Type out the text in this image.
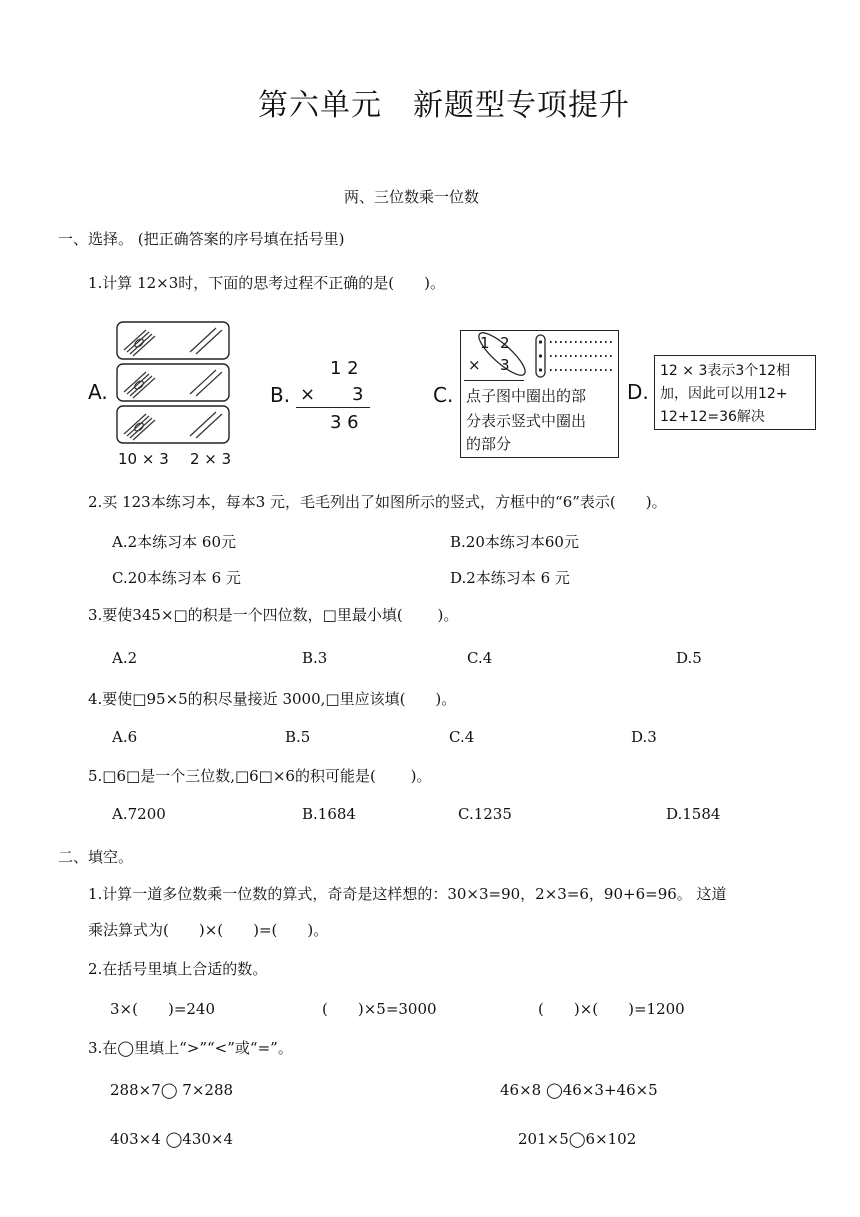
第六单元　新题型专项提升
两、三位数乘一位数
一、选择。 (把正确答案的序号填在括号里)
1.计算 12×3时，下面的思考过程不正确的是(　　)。
A.
10 × 3 2 × 3
B.
1 2
× 3
3 6
C.
1 2
× 3
点子图中圈出的部
分表示竖式中圈出
的部分
D.
12 × 3表示3个12相
加，因此可以用12+
12+12=36解决
2.买 123本练习本，每本3 元，毛毛列出了如图所示的竖式，方框中的“6”表示(　　)。
A.2本练习本 60元	B.20本练习本60元
C.20本练习本 6 元	D.2本练习本 6 元
3.要使345×□的积是一个四位数，□里最小填(　　 )。
A.2	B.3	C.4	D.5
4.要使□95×5的积尽量接近 3000,□里应该填(　　)。
A.6	B.5	C.4	D.3
5.□6□是一个三位数,□6□×6的积可能是(　　 )。
A.7200	B.1684	C.1235	D.1584
二、填空。
1.计算一道多位数乘一位数的算式，奇奇是这样想的：30×3=90，2×3=6，90+6=96。 这道
乘法算式为(　　)×(　　)=(　　)。
2.在括号里填上合适的数。
3×(　　)=240	(　　)×5=3000	(　　)×(　　)=1200
3.在◯里填上“>”“<”或“=”。
288×7◯ 7×288	46×8 ◯46×3+46×5
403×4 ◯430×4	201×5◯6×102
